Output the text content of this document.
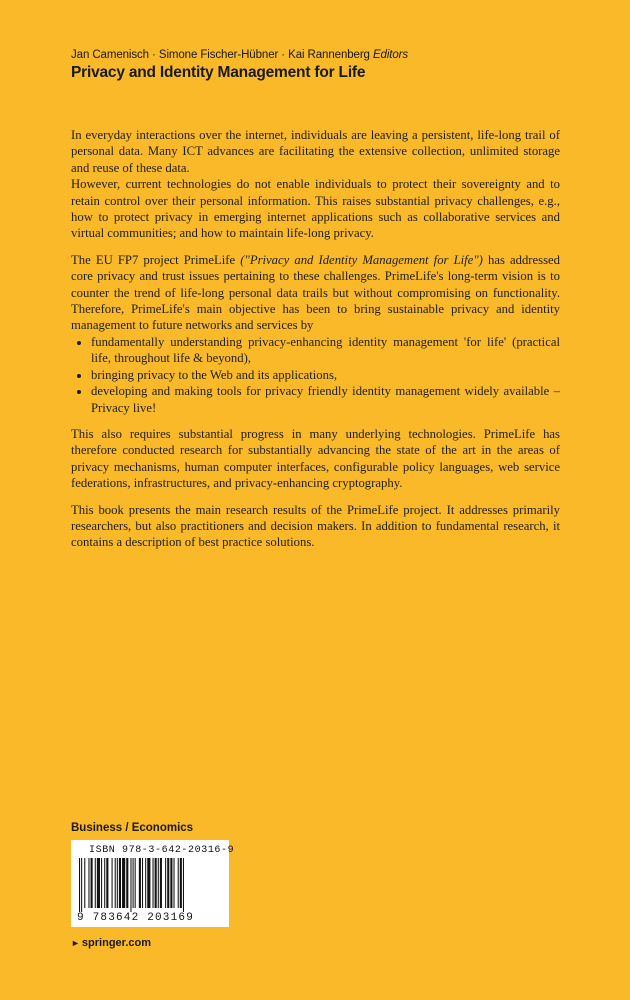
Jan Camenisch · Simone Fischer-Hübner · Kai Rannenberg Editors
Privacy and Identity Management for Life

In everyday interactions over the internet, individuals are leaving a persistent, life-long trail of personal data. Many ICT advances are facilitating the extensive collection, unlimited storage and reuse of these data.

However, current technologies do not enable individuals to protect their sovereignty and to retain control over their personal information. This raises substantial privacy challenges, e.g., how to protect privacy in emerging internet applications such as collaborative services and virtual communities; and how to maintain life-long privacy.

The EU FP7 project PrimeLife ("Privacy and Identity Management for Life") has addressed core privacy and trust issues pertaining to these challenges. PrimeLife's long-term vision is to counter the trend of life-long personal data trails but without compromising on functionality. Therefore, PrimeLife's main objective has been to bring sustainable privacy and identity management to future networks and services by

• fundamentally understanding privacy-enhancing identity management 'for life' (practical life, throughout life & beyond),
• bringing privacy to the Web and its applications,
• developing and making tools for privacy friendly identity management widely available – Privacy live!

This also requires substantial progress in many underlying technologies. PrimeLife has therefore conducted research for substantially advancing the state of the art in the areas of privacy mechanisms, human computer interfaces, configurable policy languages, web service federations, infrastructures, and privacy-enhancing cryptography.

This book presents the main research results of the PrimeLife project. It addresses primarily researchers, but also practitioners and decision makers. In addition to fundamental research, it contains a description of best practice solutions.

Business / Economics
ISBN 978-3-642-20316-9
9 783642 203169
► springer.com
